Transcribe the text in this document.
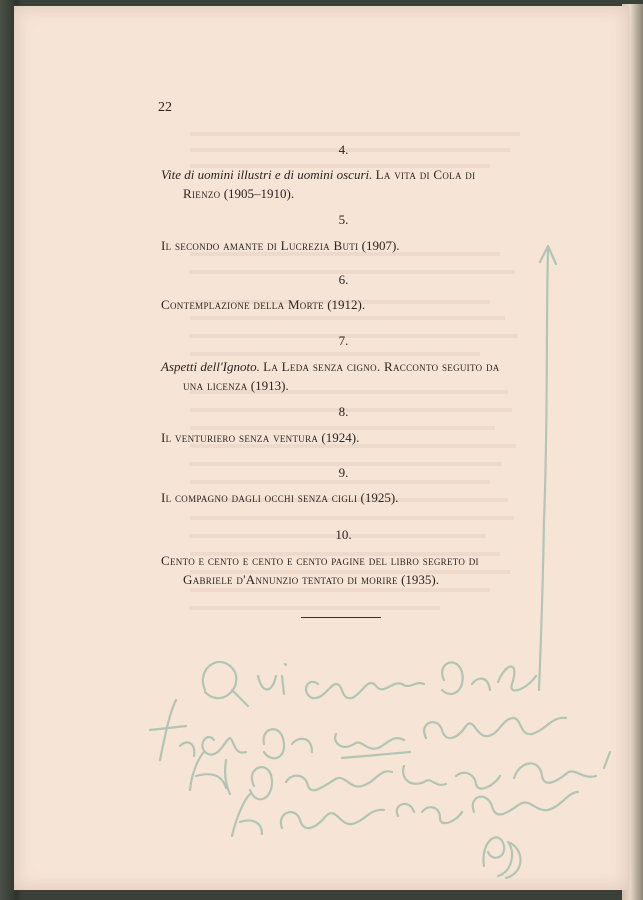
22
4.
Vite di uomini illustri e di uomini oscuri. La vita di Cola di
Rienzo (1905–1910).
5.
Il secondo amante di Lucrezia Buti (1907).
6.
Contemplazione della Morte (1912).
7.
Aspetti dell'Ignoto. La Leda senza cigno. Racconto seguito da
una licenza (1913).
8.
Il venturiero senza ventura (1924).
9.
Il compagno dagli occhi senza cigli (1925).
10.
Cento e cento e cento e cento pagine del libro segreto di
Gabriele d'Annunzio tentato di morire (1935).
